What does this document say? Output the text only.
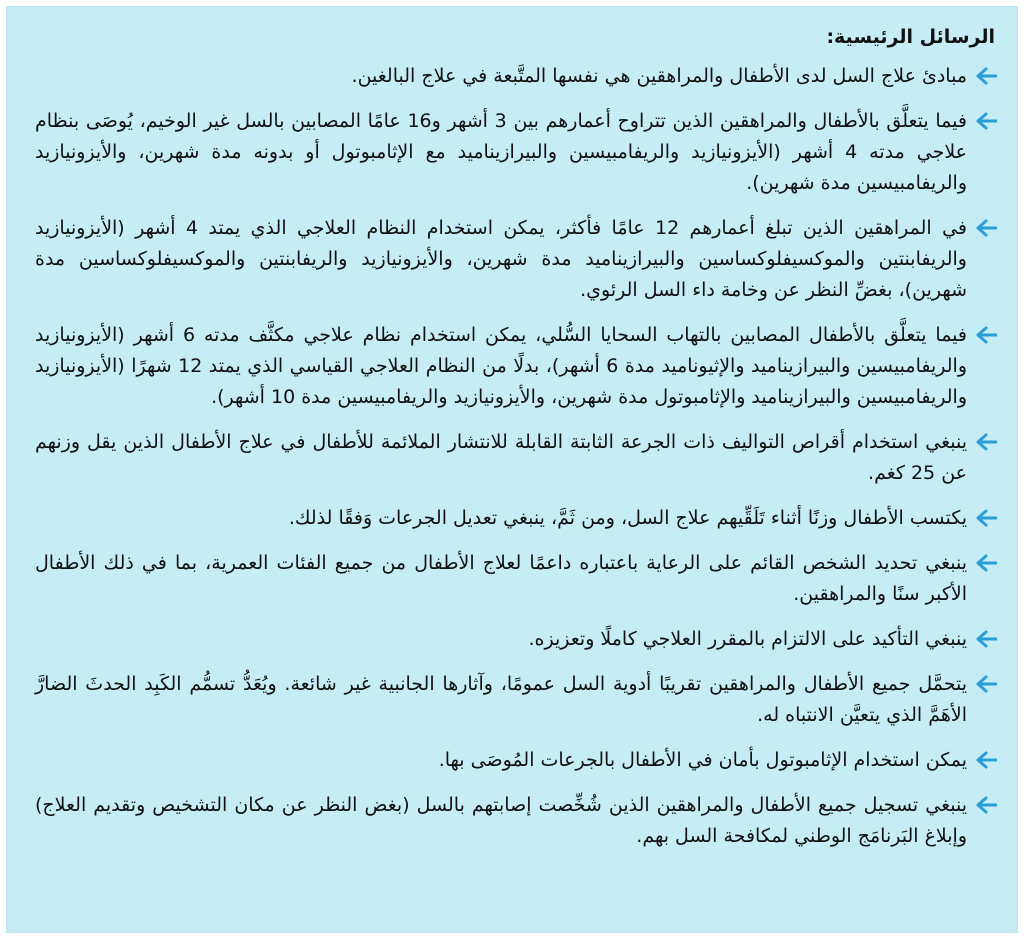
الرسائل الرئيسية:
مبادئ علاج السل لدى الأطفال والمراهقين هي نفسها المتَّبعة في علاج البالغين.
فيما يتعلَّق بالأطفال والمراهقين الذين تتراوح أعمارهم بين 3 أشهر و16 عامًا المصابين بالسل غير الوخيم، يُوصَى بنظام علاجي مدته 4 أشهر (الأيزونيازيد والريفامبيسين والبيرازيناميد مع الإثامبوتول أو بدونه مدة شهرين، والأيزونيازيد والريفامبيسين مدة شهرين).
في المراهقين الذين تبلغ أعمارهم 12 عامًا فأكثر، يمكن استخدام النظام العلاجي الذي يمتد 4 أشهر (الأيزونيازيد والريفابنتين والموكسيفلوكساسين والبيرازيناميد مدة شهرين، والأيزونيازيد والريفابنتين والموكسيفلوكساسين مدة شهرين)، بغضِّ النظر عن وخامة داء السل الرئوي.
فيما يتعلَّق بالأطفال المصابين بالتهاب السحايا السُّلي، يمكن استخدام نظام علاجي مكثَّف مدته 6 أشهر (الأيزونيازيد والريفامبيسين والبيرازيناميد والإثيوناميد مدة 6 أشهر)، بدلًا من النظام العلاجي القياسي الذي يمتد 12 شهرًا (الأيزونيازيد والريفامبيسين والبيرازيناميد والإثامبوتول مدة شهرين، والأيزونيازيد والريفامبيسين مدة 10 أشهر).
ينبغي استخدام أقراص التواليف ذات الجرعة الثابتة القابلة للانتشار الملائمة للأطفال في علاج الأطفال الذين يقل وزنهم عن 25 كغم.
يكتسب الأطفال وزنًا أثناء تَلَقِّيهم علاج السل، ومن ثَمَّ، ينبغي تعديل الجرعات وَفقًا لذلك.
ينبغي تحديد الشخص القائم على الرعاية باعتباره داعمًا لعلاج الأطفال من جميع الفئات العمرية، بما في ذلك الأطفال الأكبر سنًا والمراهقين.
ينبغي التأكيد على الالتزام بالمقرر العلاجي كاملًا وتعزيزه.
يتحمَّل جميع الأطفال والمراهقين تقريبًا أدوية السل عمومًا، وآثارها الجانبية غير شائعة. ويُعَدُّ تسمُّم الكَبِد الحدثَ الضارَّ الأهَمَّ الذي يتعيَّن الانتباه له.
يمكن استخدام الإثامبوتول بأمان في الأطفال بالجرعات المُوصَى بها.
ينبغي تسجيل جميع الأطفال والمراهقين الذين شُخِّصت إصابتهم بالسل (بغض النظر عن مكان التشخيص وتقديم العلاج) وإبلاغ البَرنامَج الوطني لمكافحة السل بهم.
